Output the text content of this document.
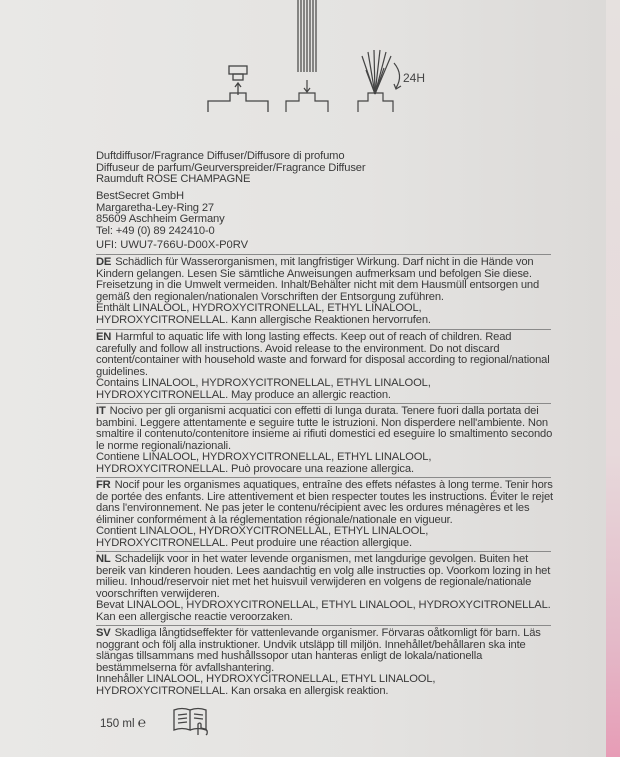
24H
Duftdiffusor/Fragrance Diffuser/Diffusore di profumo
Diffuseur de parfum/Geurverspreider/Fragrance Diffuser
Raumduft ROSE CHAMPAGNE
BestSecret GmbH
Margaretha-Ley-Ring 27
85609 Aschheim Germany
Tel: +49 (0) 89 242410-0
UFI: UWU7-766U-D00X-P0RV
DE Schädlich für Wasserorganismen, mit langfristiger Wirkung. Darf nicht in die Hände von
Kindern gelangen. Lesen Sie sämtliche Anweisungen aufmerksam und befolgen Sie diese.
Freisetzung in die Umwelt vermeiden. Inhalt/Behälter nicht mit dem Hausmüll entsorgen und
gemäß den regionalen/nationalen Vorschriften der Entsorgung zuführen.
Enthält LINALOOL, HYDROXYCITRONELLAL, ETHYL LINALOOL,
HYDROXYCITRONELLAL. Kann allergische Reaktionen hervorrufen.
EN Harmful to aquatic life with long lasting effects. Keep out of reach of children. Read
carefully and follow all instructions. Avoid release to the environment. Do not discard
content/container with household waste and forward for disposal according to regional/national
guidelines.
Contains LINALOOL, HYDROXYCITRONELLAL, ETHYL LINALOOL,
HYDROXYCITRONELLAL. May produce an allergic reaction.
IT Nocivo per gli organismi acquatici con effetti di lunga durata. Tenere fuori dalla portata dei
bambini. Leggere attentamente e seguire tutte le istruzioni. Non disperdere nell'ambiente. Non
smaltire il contenuto/contenitore insieme ai rifiuti domestici ed eseguire lo smaltimento secondo
le norme regionali/nazionali.
Contiene LINALOOL, HYDROXYCITRONELLAL, ETHYL LINALOOL,
HYDROXYCITRONELLAL. Può provocare una reazione allergica.
FR Nocif pour les organismes aquatiques, entraîne des effets néfastes à long terme. Tenir hors
de portée des enfants. Lire attentivement et bien respecter toutes les instructions. Éviter le rejet
dans l'environnement. Ne pas jeter le contenu/récipient avec les ordures ménagères et les
éliminer conformément à la réglementation régionale/nationale en vigueur.
Contient LINALOOL, HYDROXYCITRONELLAL, ETHYL LINALOOL,
HYDROXYCITRONELLAL. Peut produire une réaction allergique.
NL Schadelijk voor in het water levende organismen, met langdurige gevolgen. Buiten het
bereik van kinderen houden. Lees aandachtig en volg alle instructies op. Voorkom lozing in het
milieu. Inhoud/reservoir niet met het huisvuil verwijderen en volgens de regionale/nationale
voorschriften verwijderen.
Bevat LINALOOL, HYDROXYCITRONELLAL, ETHYL LINALOOL, HYDROXYCITRONELLAL.
Kan een allergische reactie veroorzaken.
SV Skadliga långtidseffekter för vattenlevande organismer. Förvaras oåtkomligt för barn. Läs
noggrant och följ alla instruktioner. Undvik utsläpp till miljön. Innehållet/behållaren ska inte
slängas tillsammans med hushållssopor utan hanteras enligt de lokala/nationella
bestämmelserna för avfallshantering.
Innehåller LINALOOL, HYDROXYCITRONELLAL, ETHYL LINALOOL,
HYDROXYCITRONELLAL. Kan orsaka en allergisk reaktion.
150 ml ℮
